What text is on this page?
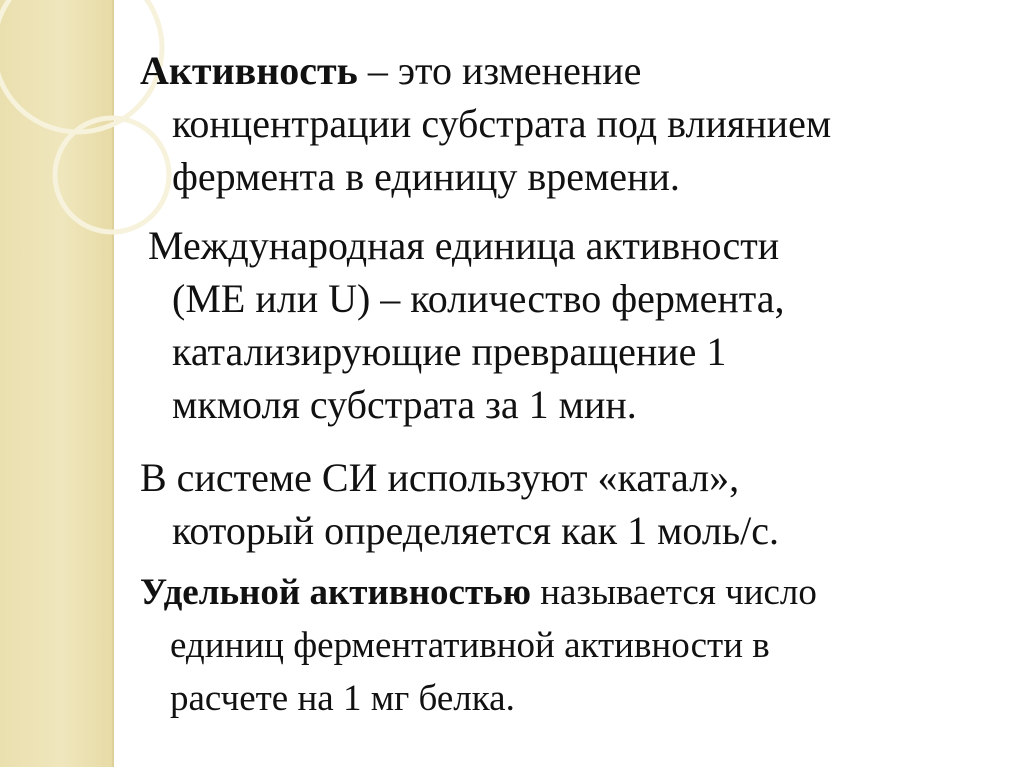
Активность – это изменение
концентрации субстрата под влиянием
фермента в единицу времени.

Международная единица активности
(МЕ или U) – количество фермента,
катализирующие превращение 1
мкмоля субстрата за 1 мин.

В системе СИ используют «катал»,
который определяется как 1 моль/с.

Удельной активностью называется число
единиц ферментативной активности в
расчете на 1 мг белка.
